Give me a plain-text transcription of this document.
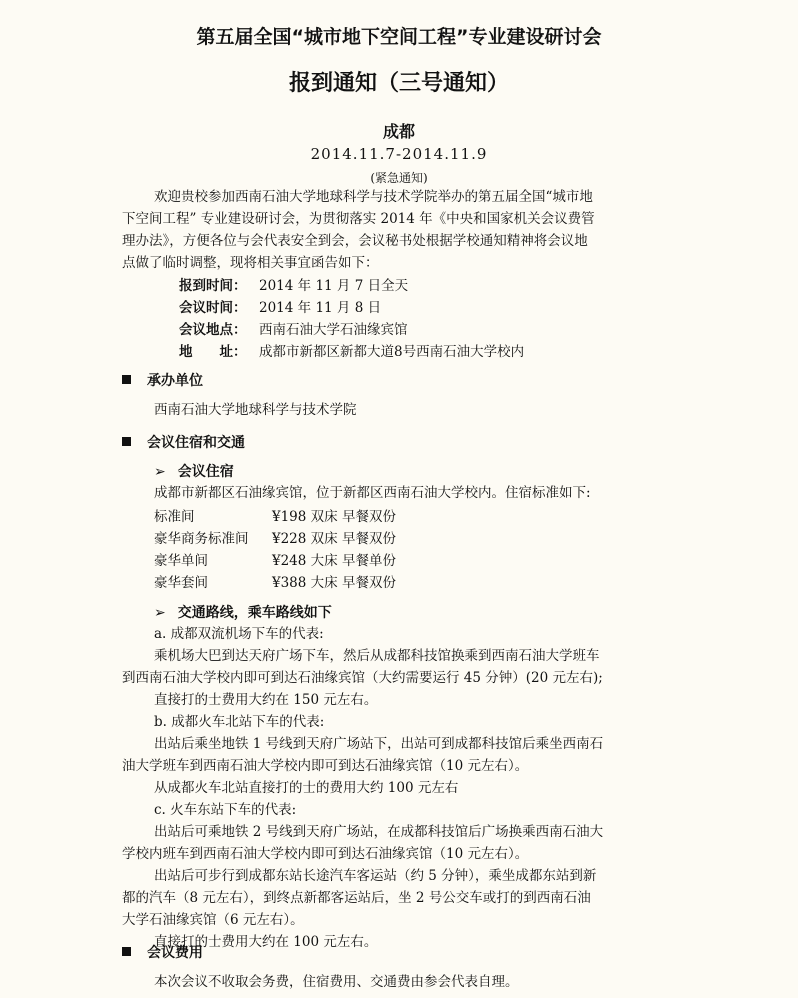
第五届全国“城市地下空间工程”专业建设研讨会
报到通知（三号通知）
成都
2014.11.7-2014.11.9
(紧急通知)
欢迎贵校参加西南石油大学地球科学与技术学院举办的第五届全国“城市地
下空间工程” 专业建设研讨会，为贯彻落实 2014 年《中央和国家机关会议费管
理办法》，方便各位与会代表安全到会，会议秘书处根据学校通知精神将会议地
点做了临时调整，现将相关事宜函告如下：
报到时间： 2014 年 11 月 7 日全天
会议时间： 2014 年 11 月 8 日
会议地点： 西南石油大学石油缘宾馆
地　　址： 成都市新都区新都大道8号西南石油大学校内
承办单位
西南石油大学地球科学与技术学院
会议住宿和交通
➢ 会议住宿
成都市新都区石油缘宾馆，位于新都区西南石油大学校内。住宿标准如下:
标准间	¥198 双床 早餐双份
豪华商务标准间 ¥228 双床 早餐双份
豪华单间	¥248 大床 早餐单份
豪华套间	¥388 大床 早餐双份
➢ 交通路线，乘车路线如下
a. 成都双流机场下车的代表:
乘机场大巴到达天府广场下车，然后从成都科技馆换乘到西南石油大学班车
到西南石油大学校内即可到达石油缘宾馆（大约需要运行 45 分钟）(20 元左右);
直接打的士费用大约在 150 元左右。
b. 成都火车北站下车的代表:
出站后乘坐地铁 1 号线到天府广场站下，出站可到成都科技馆后乘坐西南石
油大学班车到西南石油大学校内即可到达石油缘宾馆（10 元左右）。
从成都火车北站直接打的士的费用大约 100 元左右
c. 火车东站下车的代表:
出站后可乘地铁 2 号线到天府广场站，在成都科技馆后广场换乘西南石油大
学校内班车到西南石油大学校内即可到达石油缘宾馆（10 元左右）。
出站后可步行到成都东站长途汽车客运站（约 5 分钟），乘坐成都东站到新
都的汽车（8 元左右），到终点新都客运站后，坐 2 号公交车或打的到西南石油
大学石油缘宾馆（6 元左右）。
直接打的士费用大约在 100 元左右。
会议费用
本次会议不收取会务费，住宿费用、交通费由参会代表自理。
